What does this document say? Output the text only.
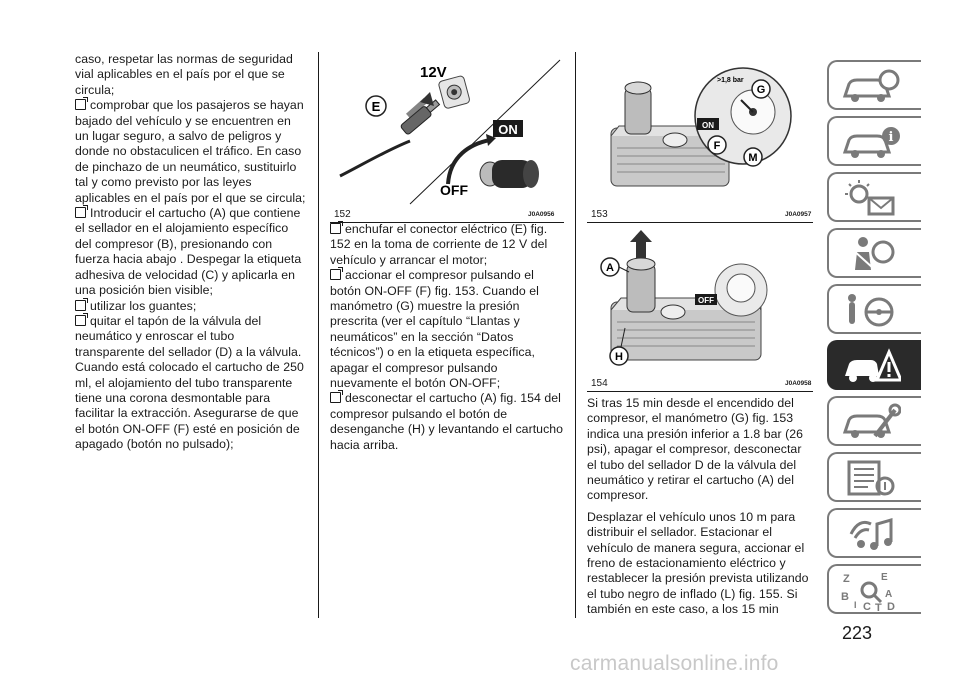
caso, respetar las normas de seguridad vial aplicables en el país por el que se circula;

comprobar que los pasajeros se hayan bajado del vehículo y se encuentren en un lugar seguro, a salvo de peligros y donde no obstaculicen el tráfico. En caso de pinchazo de un neumático, sustituirlo tal y como previsto por las leyes aplicables en el país por el que se circula;

Introducir el cartucho (A) que contiene el sellador en el alojamiento específico del compresor (B), presionando con fuerza hacia abajo . Despegar la etiqueta adhesiva de velocidad (C) y aplicarla en una posición bien visible;

utilizar los guantes;

quitar el tapón de la válvula del neumático y enroscar el tubo transparente del sellador (D) a la válvula. Cuando está colocado el cartucho de 250 ml, el alojamiento del tubo transparente tiene una corona desmontable para facilitar la extracción. Asegurarse de que el botón ON-OFF (F) esté en posición de apagado (botón no pulsado);

E
12V
ON
OFF
152	J0A0956
ON
>1,8 bar
G
F
M
153	J0A0957
OFF
A
H
154	J0A0958

enchufar el conector eléctrico (E) fig. 152 en la toma de corriente de 12 V del vehículo y arrancar el motor;

accionar el compresor pulsando el botón ON-OFF (F) fig. 153. Cuando el manómetro (G) muestre la presión prescrita (ver el capítulo “Llantas y neumáticos” en la sección “Datos técnicos”) o en la etiqueta específica, apagar el compresor pulsando nuevamente el botón ON-OFF;

desconectar el cartucho (A) fig. 154 del compresor pulsando el botón de desenganche (H) y levantando el cartucho hacia arriba.

Si tras 15 min desde el encendido del compresor, el manómetro (G) fig. 153 indica una presión inferior a 1.8 bar (26 psi), apagar el compresor, desconectar el tubo del sellador D de la válvula del neumático y retirar el cartucho (A) del compresor.

Desplazar el vehículo unos 10 m para distribuir el sellador. Estacionar el vehículo de manera segura, accionar el freno de estacionamiento eléctrico y restablecer la presión prevista utilizando el tubo negro de inflado (L) fig. 155. Si también en este caso, a los 15 min

i
Z	E
B	A
I C T D
223
carmanualsonline.info
